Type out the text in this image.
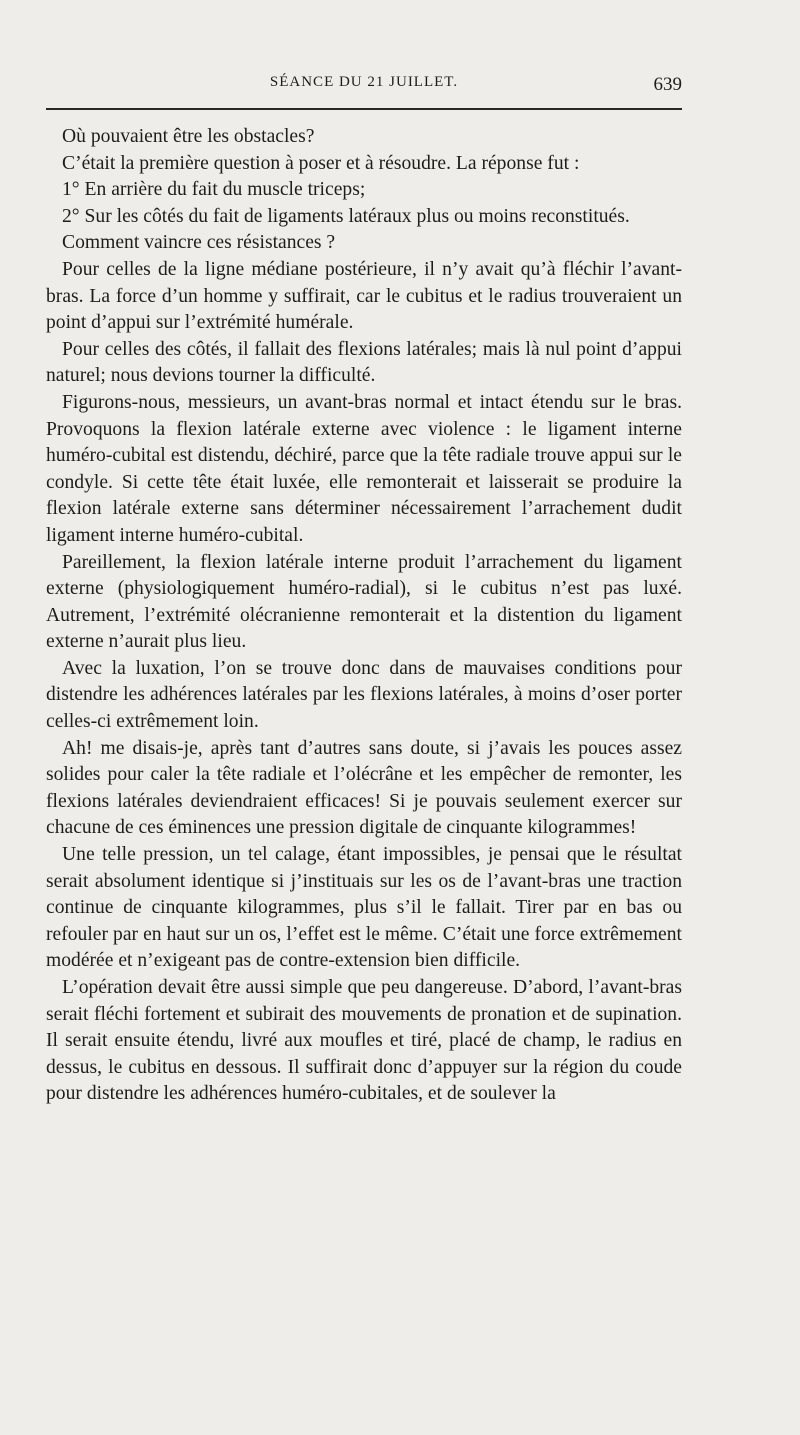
SÉANCE DU 21 JUILLET.	639

Où pouvaient être les obstacles?

C’était la première question à poser et à résoudre. La réponse fut :

1° En arrière du fait du muscle triceps;

2° Sur les côtés du fait de ligaments latéraux plus ou moins reconstitués.

Comment vaincre ces résistances ?

Pour celles de la ligne médiane postérieure, il n’y avait qu’à fléchir l’avant-bras. La force d’un homme y suffirait, car le cubitus et le radius trouveraient un point d’appui sur l’extrémité humérale.

Pour celles des côtés, il fallait des flexions latérales; mais là nul point d’appui naturel; nous devions tourner la difficulté.

Figurons-nous, messieurs, un avant-bras normal et intact étendu sur le bras. Provoquons la flexion latérale externe avec violence : le ligament interne huméro-cubital est distendu, déchiré, parce que la tête radiale trouve appui sur le condyle. Si cette tête était luxée, elle remonterait et laisserait se produire la flexion latérale externe sans déterminer nécessairement l’arrachement dudit ligament interne huméro-cubital.

Pareillement, la flexion latérale interne produit l’arrachement du ligament externe (physiologiquement huméro-radial), si le cubitus n’est pas luxé. Autrement, l’extrémité olécranienne remonterait et la distention du ligament externe n’aurait plus lieu.

Avec la luxation, l’on se trouve donc dans de mauvaises conditions pour distendre les adhérences latérales par les flexions latérales, à moins d’oser porter celles-ci extrêmement loin.

Ah! me disais-je, après tant d’autres sans doute, si j’avais les pouces assez solides pour caler la tête radiale et l’olécrâne et les empêcher de remonter, les flexions latérales deviendraient efficaces! Si je pouvais seulement exercer sur chacune de ces éminences une pression digitale de cinquante kilogrammes!

Une telle pression, un tel calage, étant impossibles, je pensai que le résultat serait absolument identique si j’instituais sur les os de l’avant-bras une traction continue de cinquante kilogrammes, plus s’il le fallait. Tirer par en bas ou refouler par en haut sur un os, l’effet est le même. C’était une force extrêmement modérée et n’exigeant pas de contre-extension bien difficile.

L’opération devait être aussi simple que peu dangereuse. D’abord, l’avant-bras serait fléchi fortement et subirait des mouvements de pronation et de supination. Il serait ensuite étendu, livré aux moufles et tiré, placé de champ, le radius en dessus, le cubitus en dessous. Il suffirait donc d’appuyer sur la région du coude pour distendre les adhérences huméro-cubitales, et de soulever la
